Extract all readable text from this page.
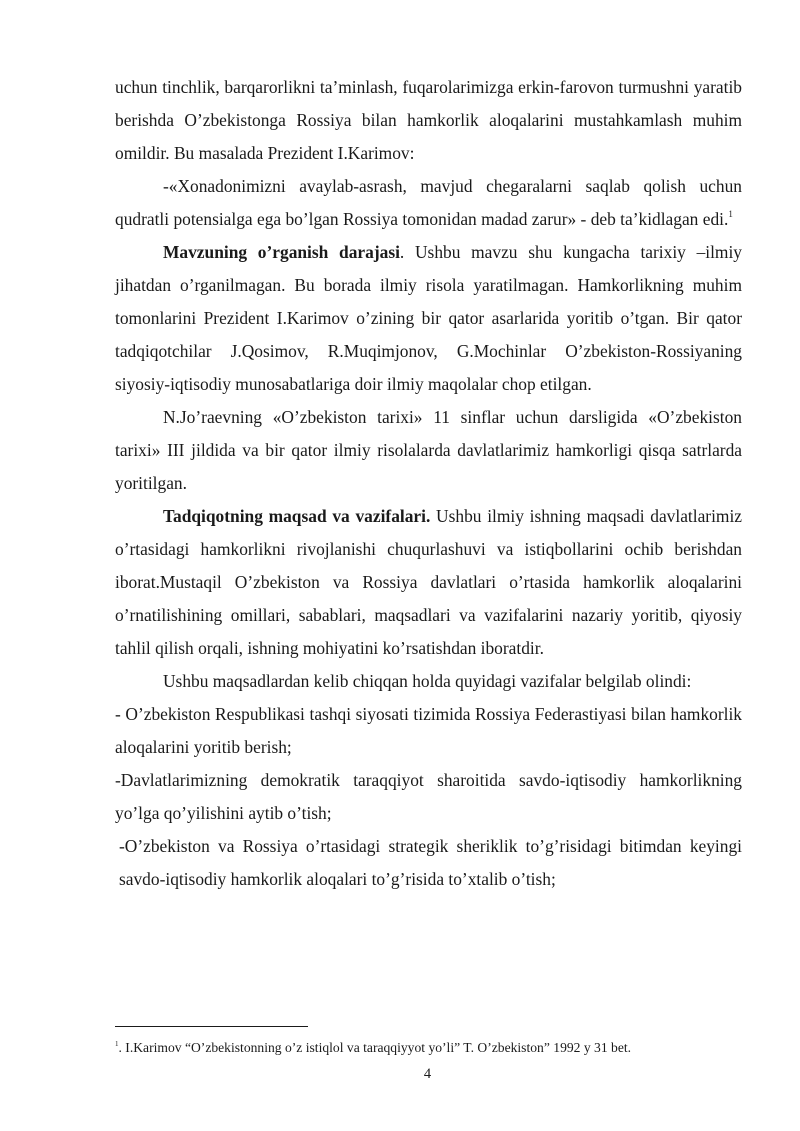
uchun tinchlik, barqarorlikni ta’minlash, fuqarolarimizga erkin-farovon turmushni yaratib berishda O’zbekistonga Rossiya bilan hamkorlik aloqalarini mustahkamlash muhim omildir. Bu masalada Prezident I.Karimov:

-«Xonadonimizni avaylab-asrash, mavjud chegaralarni saqlab qolish uchun qudratli potensialga ega bo’lgan Rossiya tomonidan madad zarur» - deb ta’kidlagan edi.$^1$

Mavzuning o’rganish darajasi. Ushbu mavzu shu kungacha tarixiy –ilmiy jihatdan o’rganilmagan. Bu borada ilmiy risola yaratilmagan. Hamkorlikning muhim tomonlarini Prezident I.Karimov o’zining bir qator asarlarida yoritib o’tgan. Bir qator tadqiqotchilar J.Qosimov, R.Muqimjonov, G.Mochinlar O’zbekiston-Rossiyaning siyosiy-iqtisodiy munosabatlariga doir ilmiy maqolalar chop etilgan.

N.Jo’raevning «O’zbekiston tarixi» 11 sinflar uchun darsligida «O’zbekiston tarixi» III jildida va bir qator ilmiy risolalarda davlatlarimiz hamkorligi qisqa satrlarda yoritilgan.

Tadqiqotning maqsad va vazifalari. Ushbu ilmiy ishning maqsadi davlatlarimiz o’rtasidagi hamkorlikni rivojlanishi chuqurlashuvi va istiqbollarini ochib berishdan iborat.Mustaqil O’zbekiston va Rossiya davlatlari o’rtasida hamkorlik aloqalarini o’rnatilishining omillari, sabablari, maqsadlari va vazifalarini nazariy yoritib, qiyosiy tahlil qilish orqali, ishning mohiyatini ko’rsatishdan iboratdir.

Ushbu maqsadlardan kelib chiqqan holda quyidagi vazifalar belgilab olindi:

- O’zbekiston Respublikasi tashqi siyosati tizimida Rossiya Federastiyasi bilan hamkorlik aloqalarini yoritib berish;

-Davlatlarimizning demokratik taraqqiyot sharoitida savdo-iqtisodiy hamkorlikning yo’lga qo’yilishini aytib o’tish;

-O’zbekiston va Rossiya o’rtasidagi strategik sheriklik to’g’risidagi bitimdan keyingi savdo-iqtisodiy hamkorlik aloqalari to’g’risida to’xtalib o’tish;

$^1$. I.Karimov “O’zbekistonning o’z istiqlol va taraqqiyyot yo’li” T. O’zbekiston” 1992 y 31 bet.
4
